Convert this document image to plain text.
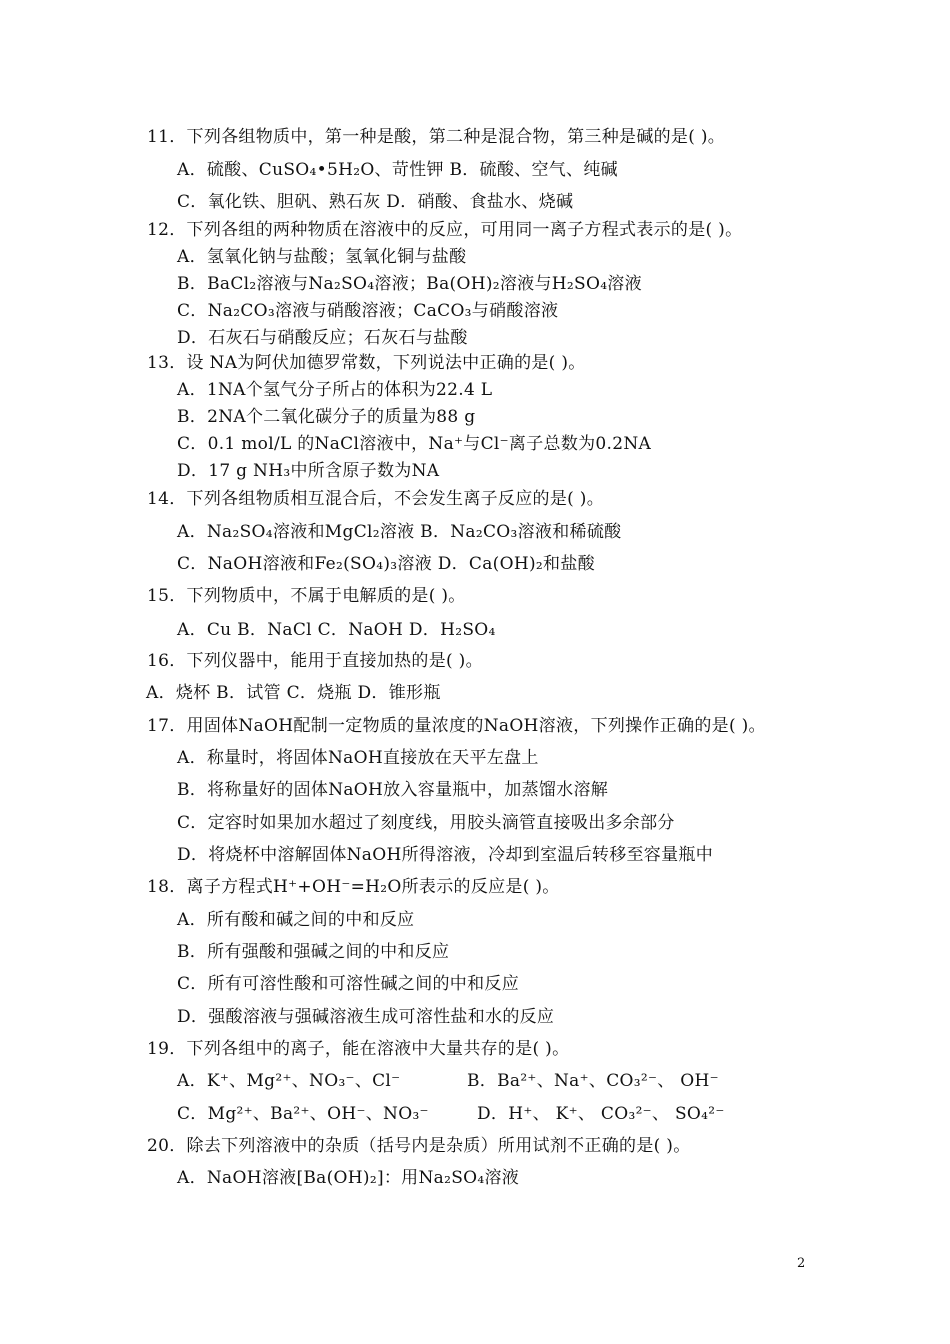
11．下列各组物质中，第一种是酸，第二种是混合物，第三种是碱的是( )。
A．硫酸、CuSO₄•5H₂O、苛性钾 B．硫酸、空气、纯碱
C．氧化铁、胆矾、熟石灰 D．硝酸、食盐水、烧碱
12．下列各组的两种物质在溶液中的反应，可用同一离子方程式表示的是( )。
A．氢氧化钠与盐酸；氢氧化铜与盐酸
B．BaCl₂溶液与Na₂SO₄溶液；Ba(OH)₂溶液与H₂SO₄溶液
C．Na₂CO₃溶液与硝酸溶液；CaCO₃与硝酸溶液
D．石灰石与硝酸反应；石灰石与盐酸
13．设 NA为阿伏加德罗常数，下列说法中正确的是( )。
A．1NA个氢气分子所占的体积为22.4 L
B．2NA个二氧化碳分子的质量为88 g
C．0.1 mol/L 的NaCl溶液中，Na⁺与Cl⁻离子总数为0.2NA
D．17 g NH₃中所含原子数为NA
14．下列各组物质相互混合后，不会发生离子反应的是( )。
A．Na₂SO₄溶液和MgCl₂溶液 B．Na₂CO₃溶液和稀硫酸
C．NaOH溶液和Fe₂(SO₄)₃溶液 D．Ca(OH)₂和盐酸
15．下列物质中，不属于电解质的是( )。
A．Cu B．NaCl C．NaOH D．H₂SO₄
16．下列仪器中，能用于直接加热的是( )。
A．烧杯 B．试管 C．烧瓶 D．锥形瓶
17．用固体NaOH配制一定物质的量浓度的NaOH溶液，下列操作正确的是( )。
A．称量时，将固体NaOH直接放在天平左盘上
B．将称量好的固体NaOH放入容量瓶中，加蒸馏水溶解
C．定容时如果加水超过了刻度线，用胶头滴管直接吸出多余部分
D．将烧杯中溶解固体NaOH所得溶液，冷却到室温后转移至容量瓶中
18．离子方程式H⁺+OH⁻=H₂O所表示的反应是( )。
A．所有酸和碱之间的中和反应
B．所有强酸和强碱之间的中和反应
C．所有可溶性酸和可溶性碱之间的中和反应
D．强酸溶液与强碱溶液生成可溶性盐和水的反应
19．下列各组中的离子，能在溶液中大量共存的是( )。
A．K⁺、Mg²⁺、NO₃⁻、Cl⁻	B．Ba²⁺、Na⁺、CO₃²⁻、 OH⁻
C．Mg²⁺、Ba²⁺、OH⁻、NO₃⁻	D．H⁺、 K⁺、 CO₃²⁻、 SO₄²⁻
20．除去下列溶液中的杂质（括号内是杂质）所用试剂不正确的是( )。
A．NaOH溶液[Ba(OH)₂]：用Na₂SO₄溶液
2
